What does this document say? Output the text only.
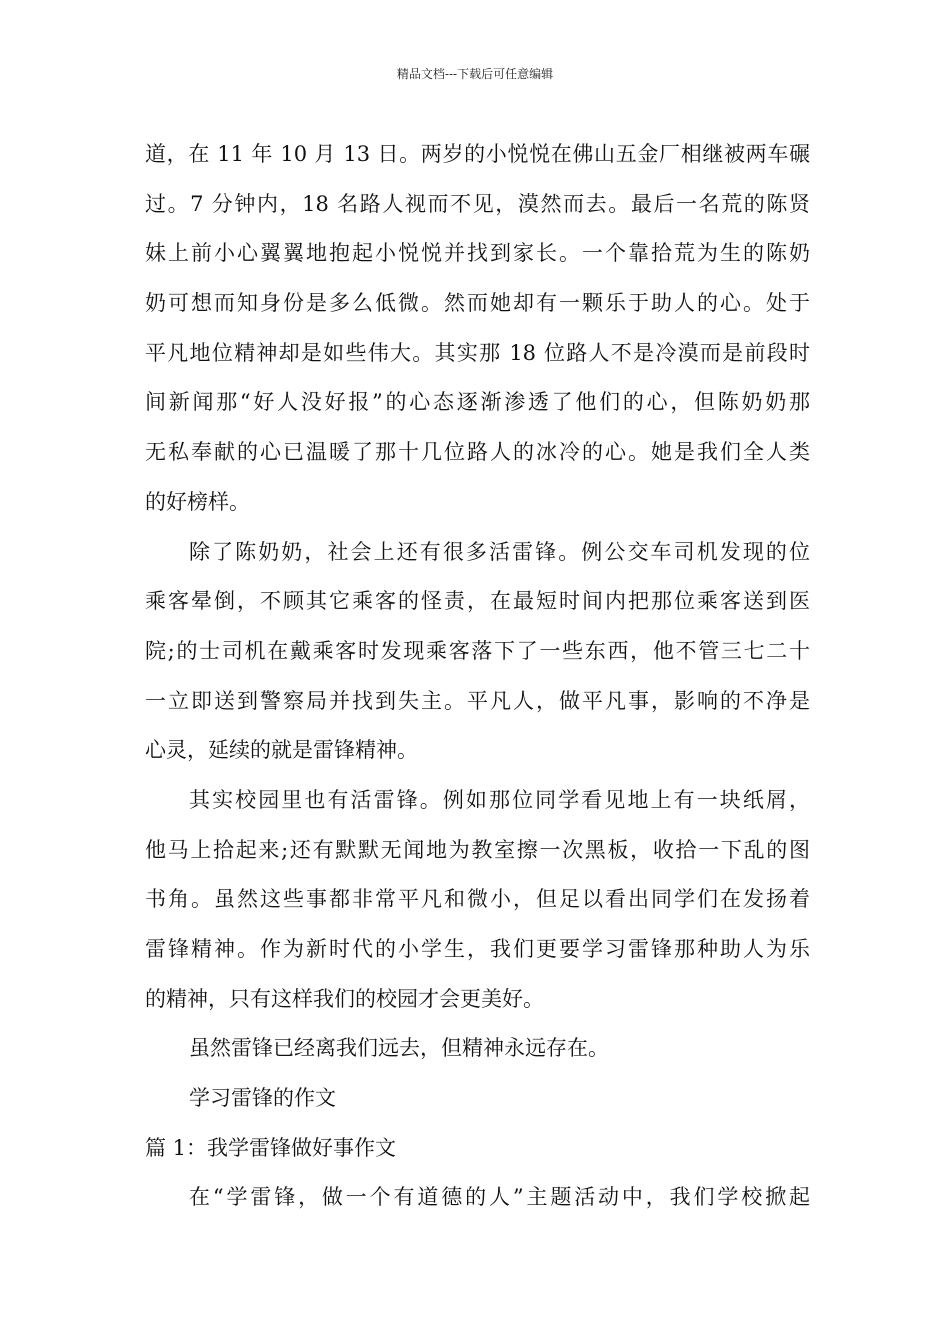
精品文档---下载后可任意编辑
道，在 11 年 10 月 13 日。两岁的小悦悦在佛山五金厂相继被两车碾
过。7 分钟内，18 名路人视而不见，漠然而去。最后一名荒的陈贤
妹上前小心翼翼地抱起小悦悦并找到家长。一个靠拾荒为生的陈奶
奶可想而知身份是多么低微。然而她却有一颗乐于助人的心。处于
平凡地位精神却是如些伟大。其实那 18 位路人不是冷漠而是前段时
间新闻那“好人没好报”的心态逐渐渗透了他们的心，但陈奶奶那
无私奉献的心已温暖了那十几位路人的冰冷的心。她是我们全人类
的好榜样。
除了陈奶奶，社会上还有很多活雷锋。例公交车司机发现的位
乘客晕倒，不顾其它乘客的怪责，在最短时间内把那位乘客送到医
院;的士司机在戴乘客时发现乘客落下了一些东西，他不管三七二十
一立即送到警察局并找到失主。平凡人，做平凡事，影响的不净是
心灵，延续的就是雷锋精神。
其实校园里也有活雷锋。例如那位同学看见地上有一块纸屑，
他马上拾起来;还有默默无闻地为教室擦一次黑板，收拾一下乱的图
书角。虽然这些事都非常平凡和微小，但足以看出同学们在发扬着
雷锋精神。作为新时代的小学生，我们更要学习雷锋那种助人为乐
的精神，只有这样我们的校园才会更美好。
虽然雷锋已经离我们远去，但精神永远存在。
学习雷锋的作文
篇 1：我学雷锋做好事作文
在“学雷锋，做一个有道德的人”主题活动中，我们学校掀起
